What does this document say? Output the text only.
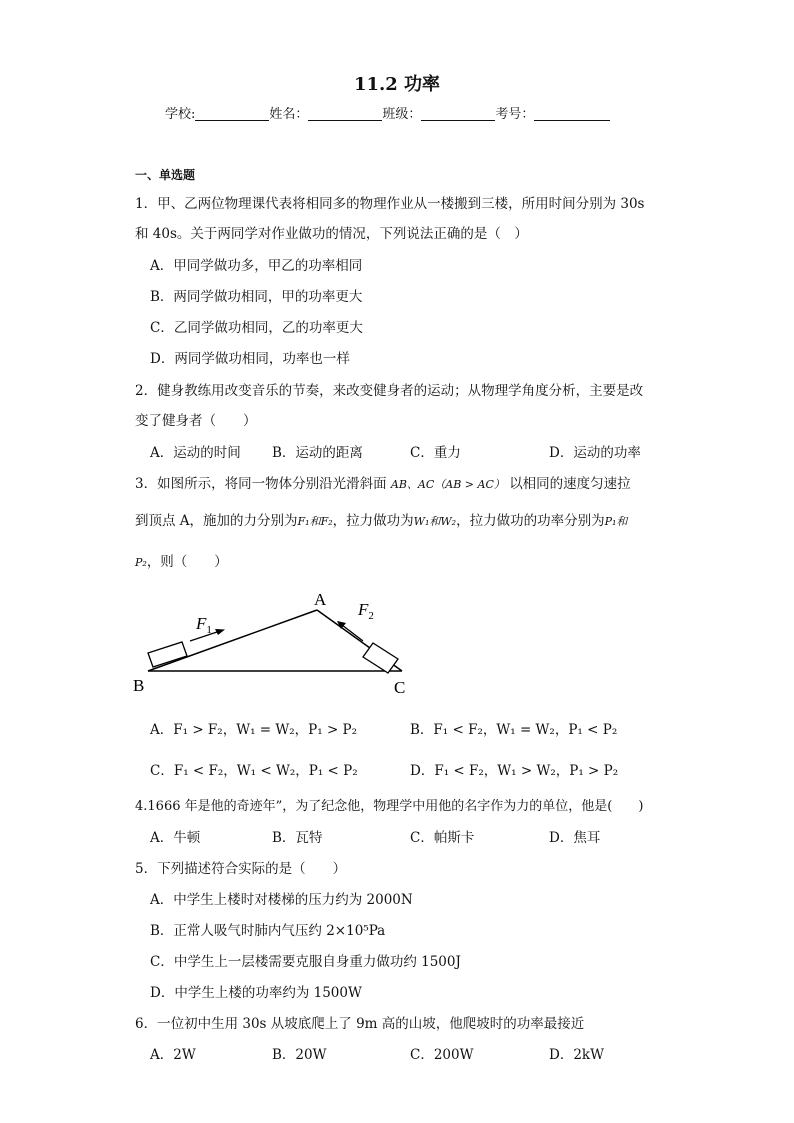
11.2 功率
学校:	姓名：	班级：	考号：
一、单选题
1．甲、乙两位物理课代表将相同多的物理作业从一楼搬到三楼，所用时间分别为 30s
和 40s。关于两同学对作业做功的情况，下列说法正确的是（　）
A．甲同学做功多，甲乙的功率相同
B．两同学做功相同，甲的功率更大
C．乙同学做功相同，乙的功率更大
D．两同学做功相同，功率也一样
2．健身教练用改变音乐的节奏，来改变健身者的运动；从物理学角度分析，主要是改
变了健身者（　　）
A．运动的时间 B．运动的距离	C．重力	D．运动的功率
3．如图所示，将同一物体分别沿光滑斜面 AB、AC（AB > AC） 以相同的速度匀速拉
到顶点 A，施加的力分别为F₁和F₂，拉力做功为W₁和W₂，拉力做功的功率分别为P₁和
P₂，则（　　）
A
B	C
$F_1$
$F_2$
A．F₁ > F₂，W₁ = W₂，P₁ > P₂	B．F₁ < F₂，W₁ = W₂，P₁ < P₂
C．F₁ < F₂，W₁ < W₂，P₁ < P₂	D．F₁ < F₂，W₁ > W₂，P₁ > P₂
4.1666 年是他的奇迹年”，为了纪念他，物理学中用他的名字作为力的单位，他是(　　)
A．牛顿	B．瓦特	C．帕斯卡	D．焦耳
5．下列描述符合实际的是（　　）
A．中学生上楼时对楼梯的压力约为 2000N
B．正常人吸气时肺内气压约 2×10⁵Pa
C．中学生上一层楼需要克服自身重力做功约 1500J
D．中学生上楼的功率约为 1500W
6．一位初中生用 30s 从坡底爬上了 9m 高的山坡，他爬坡时的功率最接近
A．2W	B．20W	C．200W	D．2kW
